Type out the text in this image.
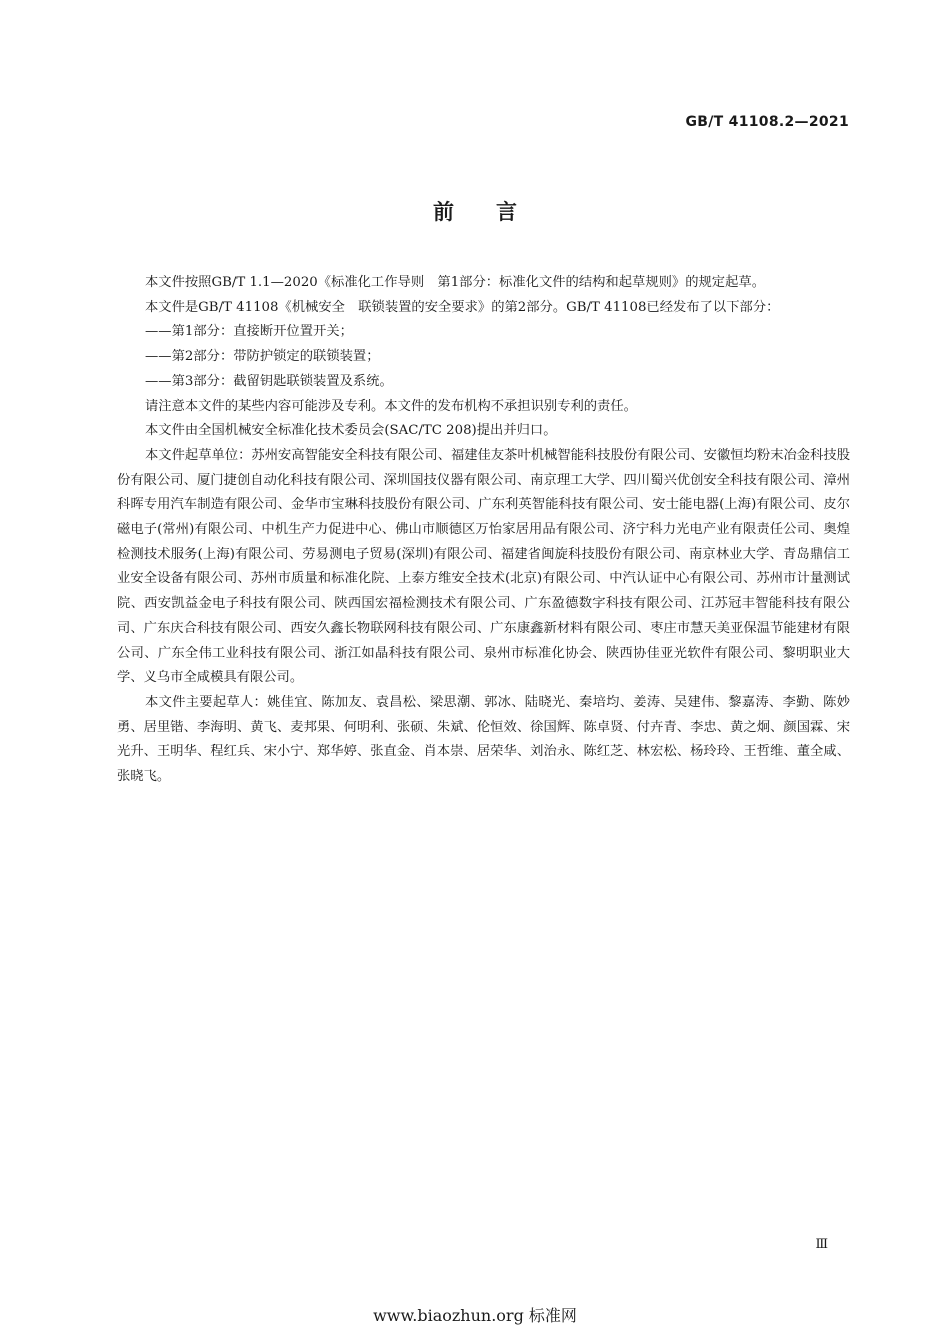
GB/T 41108.2—2021

前言

本文件按照GB/T 1.1—2020《标准化工作导则　第1部分：标准化文件的结构和起草规则》的规定起草。

本文件是GB/T 41108《机械安全　联锁装置的安全要求》的第2部分。GB/T 41108已经发布了以下部分：

——第1部分：直接断开位置开关；

——第2部分：带防护锁定的联锁装置；

——第3部分：截留钥匙联锁装置及系统。

请注意本文件的某些内容可能涉及专利。本文件的发布机构不承担识别专利的责任。

本文件由全国机械安全标准化技术委员会(SAC/TC 208)提出并归口。

本文件起草单位：苏州安高智能安全科技有限公司、福建佳友茶叶机械智能科技股份有限公司、安徽恒均粉末冶金科技股份有限公司、厦门捷创自动化科技有限公司、深圳国技仪器有限公司、南京理工大学、四川蜀兴优创安全科技有限公司、漳州科晖专用汽车制造有限公司、金华市宝琳科技股份有限公司、广东利英智能科技有限公司、安士能电器(上海)有限公司、皮尔磁电子(常州)有限公司、中机生产力促进中心、佛山市顺德区万怡家居用品有限公司、济宁科力光电产业有限责任公司、奥煌检测技术服务(上海)有限公司、劳易测电子贸易(深圳)有限公司、福建省闽旋科技股份有限公司、南京林业大学、青岛鼎信工业安全设备有限公司、苏州市质量和标准化院、上泰方维安全技术(北京)有限公司、中汽认证中心有限公司、苏州市计量测试院、西安凯益金电子科技有限公司、陕西国宏福检测技术有限公司、广东盈德数字科技有限公司、江苏冠丰智能科技有限公司、广东庆合科技有限公司、西安久鑫长物联网科技有限公司、广东康鑫新材料有限公司、枣庄市慧天美亚保温节能建材有限公司、广东全伟工业科技有限公司、浙江如晶科技有限公司、泉州市标准化协会、陕西协佳亚光软件有限公司、黎明职业大学、义乌市全咸模具有限公司。

本文件主要起草人：姚佳宜、陈加友、袁昌松、梁思潮、郭冰、陆晓光、秦培均、姜涛、吴建伟、黎嘉涛、李勤、陈妙勇、居里锴、李海明、黄飞、麦邦果、何明利、张硕、朱斌、伦恒效、徐国辉、陈卓贤、付卉青、李忠、黄之炯、颜国霖、宋光升、王明华、程红兵、宋小宁、郑华婷、张直金、肖本崇、居荣华、刘治永、陈红芝、林宏松、杨玲玲、王哲维、董全咸、张晓飞。

Ⅲ

www.biaozhun.org 标准网
